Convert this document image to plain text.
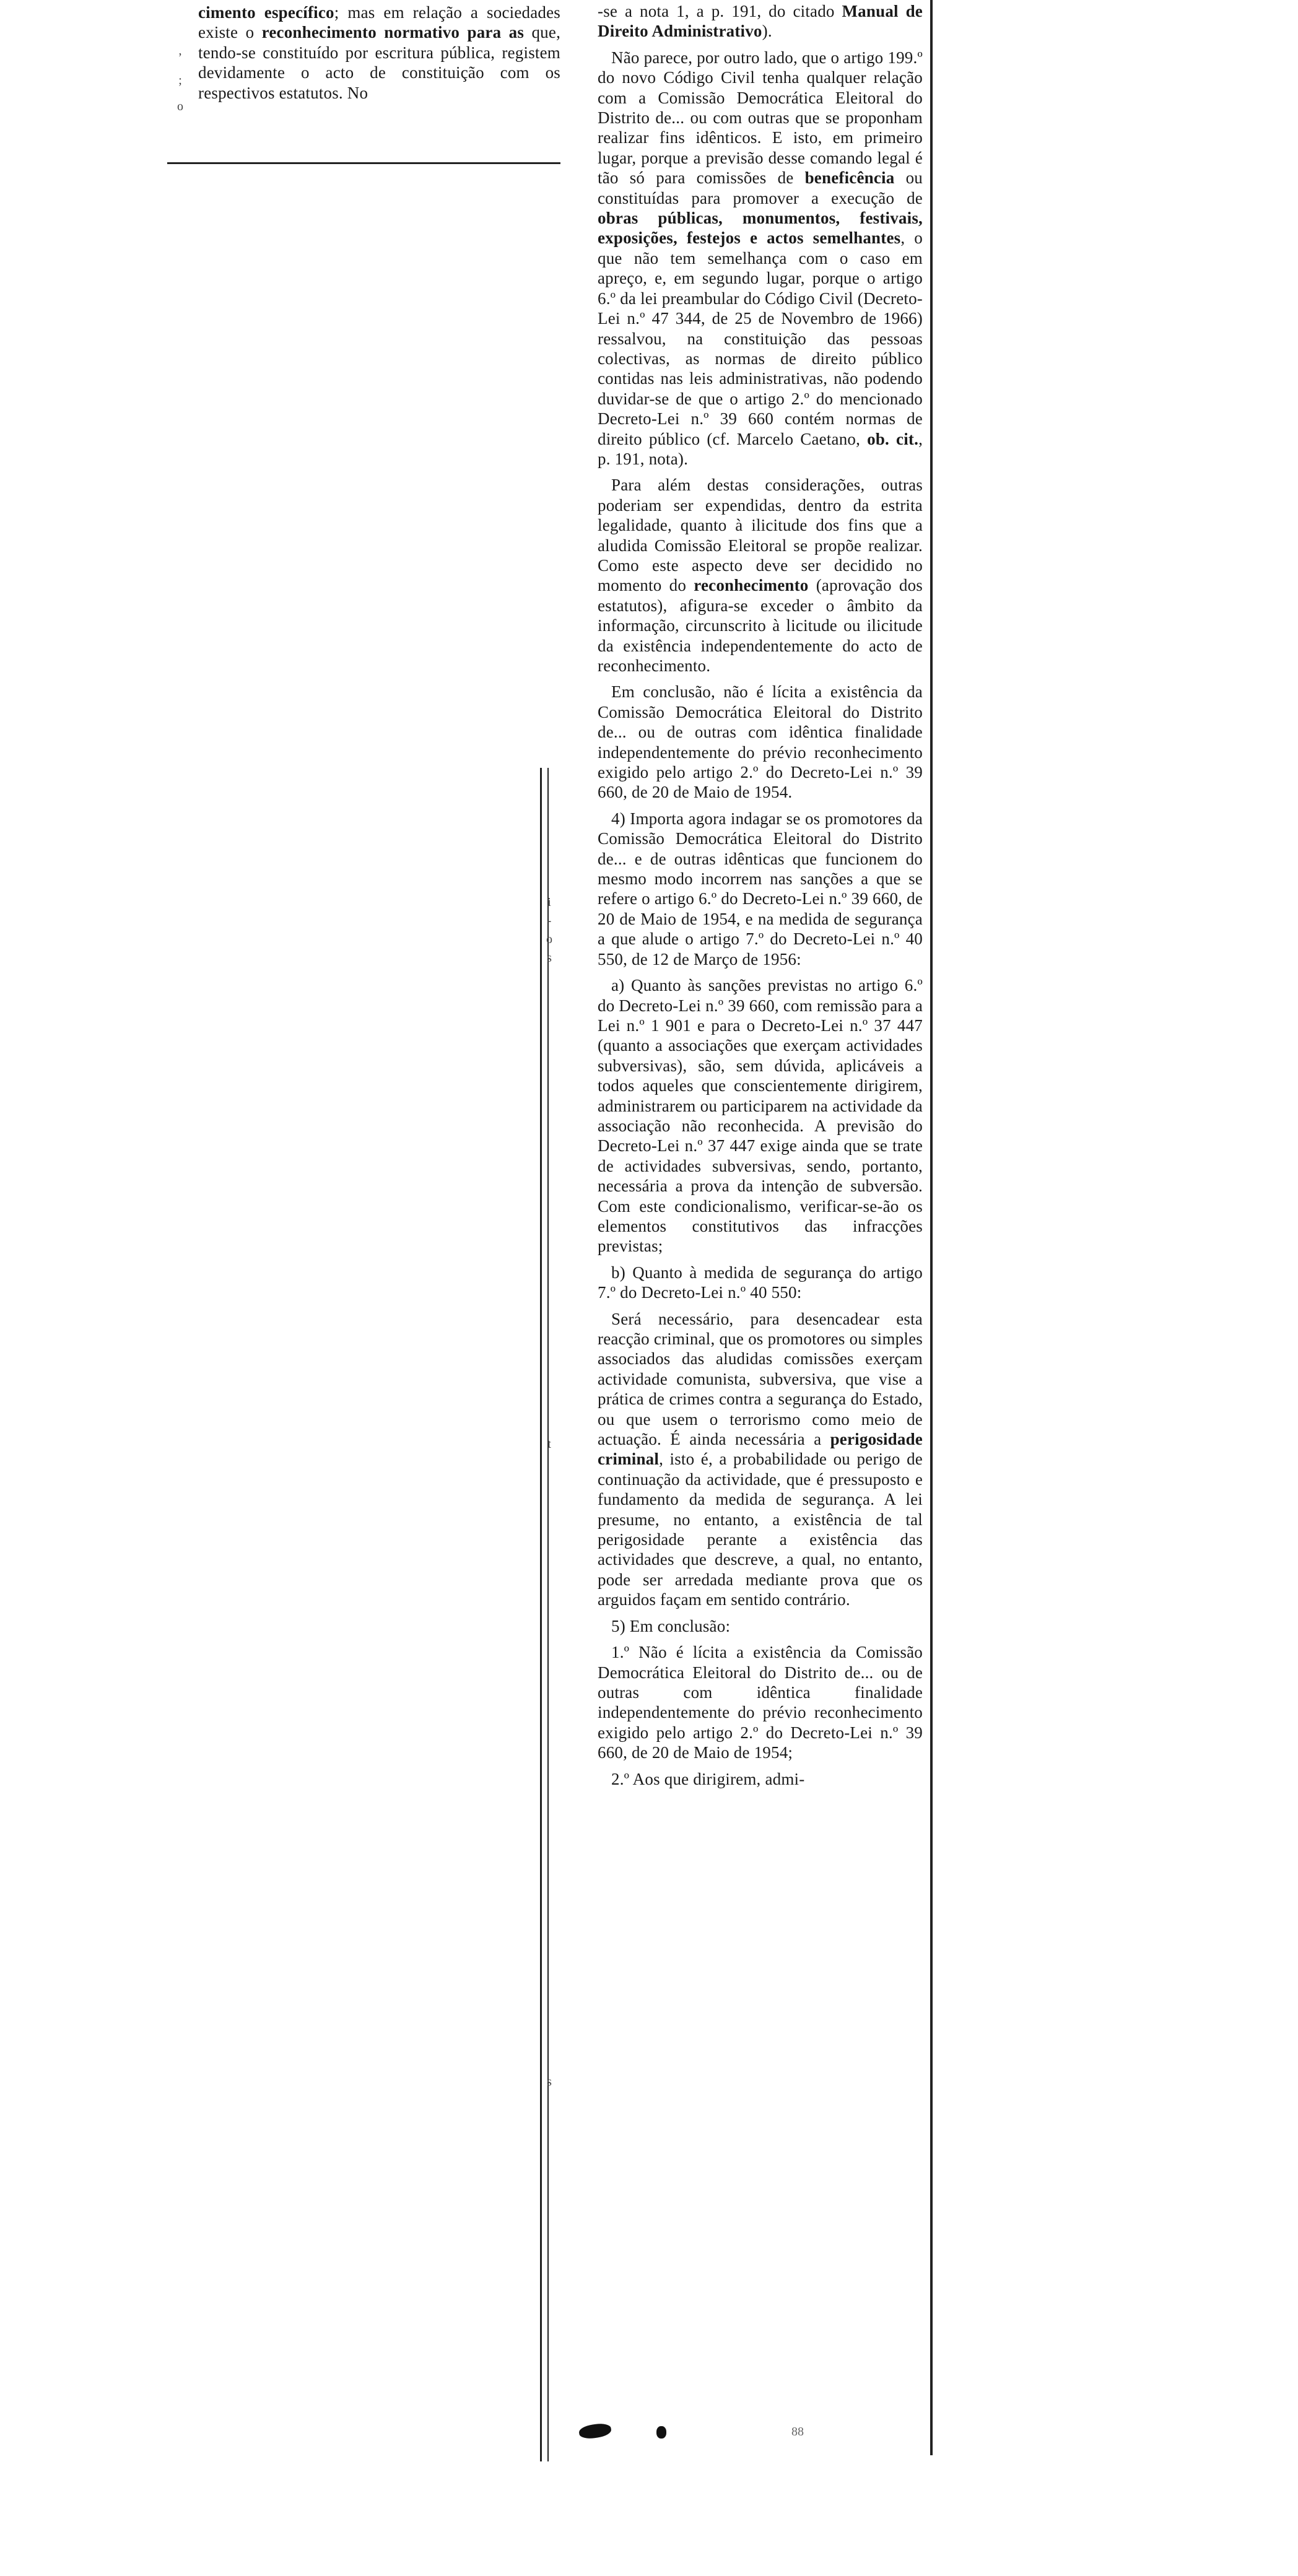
cimento específico; mas em relação a sociedades existe o reconhecimento normativo para as que, tendo-se constituído por escritura pública, registem devidamente o acto de constituição com os respectivos estatutos. No

-se a nota 1, a p. 191, do citado Manual de Direito Administrativo).

Não parece, por outro lado, que o artigo 199.º do novo Código Civil tenha qualquer relação com a Comissão Democrática Eleitoral do Distrito de... ou com outras que se proponham realizar fins idênticos. E isto, em primeiro lugar, porque a previsão desse comando legal é tão só para comissões de beneficência ou constituídas para promover a execução de obras públicas, monumentos, festivais, exposições, festejos e actos semelhantes, o que não tem semelhança com o caso em apreço, e, em segundo lugar, porque o artigo 6.º da lei preambular do Código Civil (Decreto-Lei n.º 47 344, de 25 de Novembro de 1966) ressalvou, na constituição das pessoas colectivas, as normas de direito público contidas nas leis administrativas, não podendo duvidar-se de que o artigo 2.º do mencionado Decreto-Lei n.º 39 660 contém normas de direito público (cf. Marcelo Caetano, ob. cit., p. 191, nota).

Para além destas considerações, outras poderiam ser expendidas, dentro da estrita legalidade, quanto à ilicitude dos fins que a aludida Comissão Eleitoral se propõe realizar. Como este aspecto deve ser decidido no momento do reconhecimento (aprovação dos estatutos), afigura-se exceder o âmbito da informação, circunscrito à licitude ou ilicitude da existência independentemente do acto de reconhecimento.

Em conclusão, não é lícita a existência da Comissão Democrática Eleitoral do Distrito de... ou de outras com idêntica finalidade independentemente do prévio reconhecimento exigido pelo artigo 2.º do Decreto-Lei n.º 39 660, de 20 de Maio de 1954.

4) Importa agora indagar se os promotores da Comissão Democrática Eleitoral do Distrito de... e de outras idênticas que funcionem do mesmo modo incorrem nas sanções a que se refere o artigo 6.º do Decreto-Lei n.º 39 660, de 20 de Maio de 1954, e na medida de segurança a que alude o artigo 7.º do Decreto-Lei n.º 40 550, de 12 de Março de 1956:

a) Quanto às sanções previstas no artigo 6.º do Decreto-Lei n.º 39 660, com remissão para a Lei n.º 1 901 e para o Decreto-Lei n.º 37 447 (quanto a associações que exerçam actividades subversivas), são, sem dúvida, aplicáveis a todos aqueles que conscientemente dirigirem, administrarem ou participarem na actividade da associação não reconhecida. A previsão do Decreto-Lei n.º 37 447 exige ainda que se trate de actividades subversivas, sendo, portanto, necessária a prova da intenção de subversão. Com este condicionalismo, verificar-se-ão os elementos constitutivos das infracções previstas;

b) Quanto à medida de segurança do artigo 7.º do Decreto-Lei n.º 40 550:

Será necessário, para desencadear esta reacção criminal, que os promotores ou simples associados das aludidas comissões exerçam actividade comunista, subversiva, que vise a prática de crimes contra a segurança do Estado, ou que usem o terrorismo como meio de actuação. É ainda necessária a perigosidade criminal, isto é, a probabilidade ou perigo de continuação da actividade, que é pressuposto e fundamento da medida de segurança. A lei presume, no entanto, a existência de tal perigosidade perante a existência das actividades que descreve, a qual, no entanto, pode ser arredada mediante prova que os arguidos façam em sentido contrário.

5) Em conclusão:

1.º Não é lícita a existência da Comissão Democrática Eleitoral do Distrito de... ou de outras com idêntica finalidade independentemente do prévio reconhecimento exigido pelo artigo 2.º do Decreto-Lei n.º 39 660, de 20 de Maio de 1954;

2.º Aos que dirigirem, admi-

,
;
o
i
-
o
s
t
s
88
